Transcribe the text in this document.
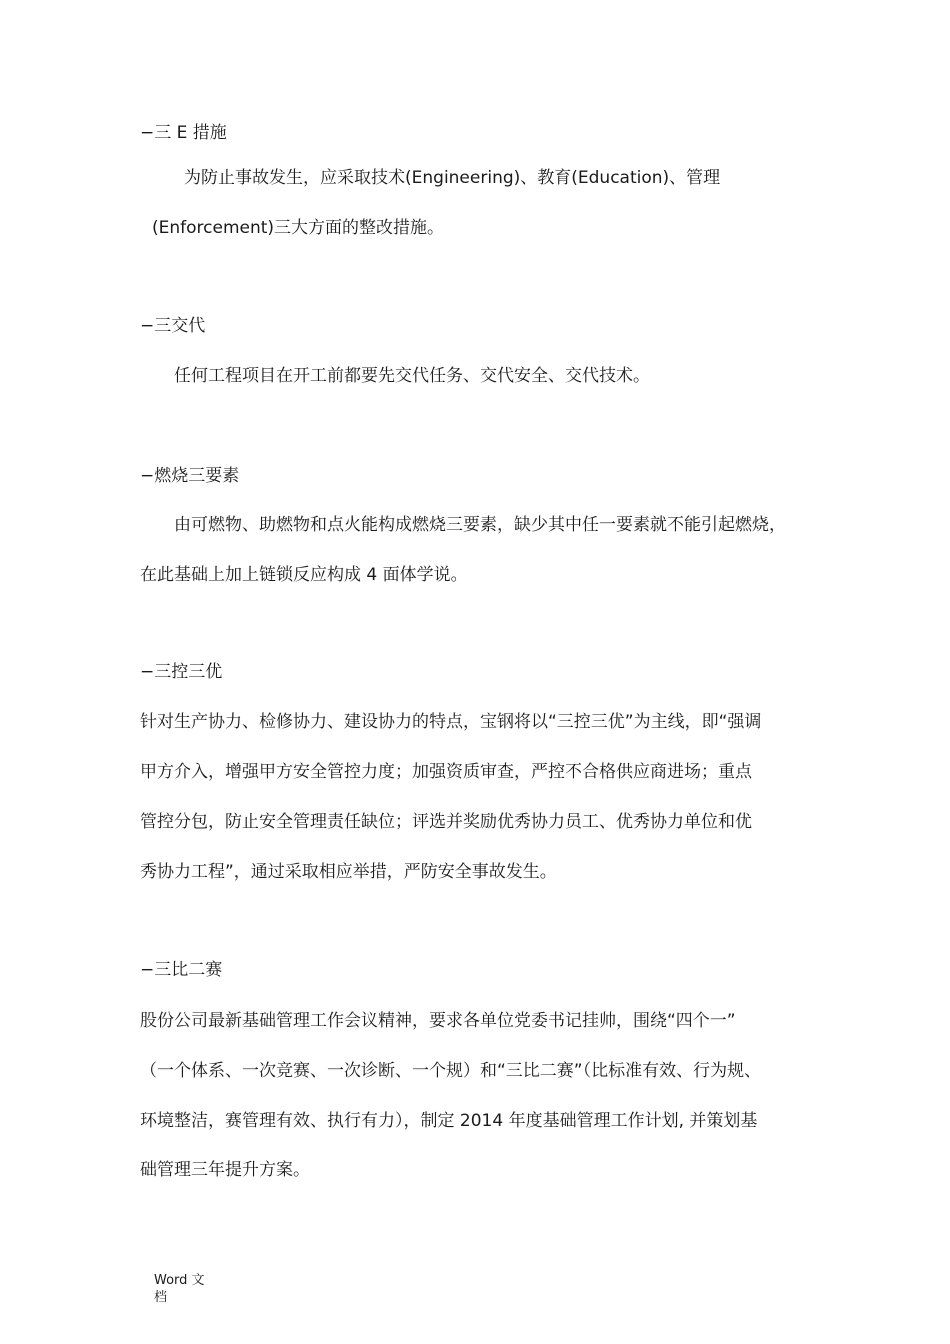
−三 E 措施
为防止事故发生，应采取技术(Engineering)、教育(Education)、管理
(Enforcement)三大方面的整改措施。
−三交代
任何工程项目在开工前都要先交代任务、交代安全、交代技术。
−燃烧三要素
由可燃物、助燃物和点火能构成燃烧三要素，缺少其中任一要素就不能引起燃烧，
在此基础上加上链锁反应构成 4 面体学说。
−三控三优
针对生产协力、检修协力、建设协力的特点，宝钢将以“三控三优”为主线，即“强调
甲方介入，增强甲方安全管控力度；加强资质审查，严控不合格供应商进场；重点
管控分包，防止安全管理责任缺位；评选并奖励优秀协力员工、优秀协力单位和优
秀协力工程”，通过采取相应举措，严防安全事故发生。
−三比二赛
股份公司最新基础管理工作会议精神，要求各单位党委书记挂帅，围绕“四个一”
（一个体系、一次竞赛、一次诊断、一个规）和“三比二赛”（比标准有效、行为规、
环境整洁，赛管理有效、执行有力），制定 2014 年度基础管理工作计划, 并策划基
础管理三年提升方案。
Word 文档
